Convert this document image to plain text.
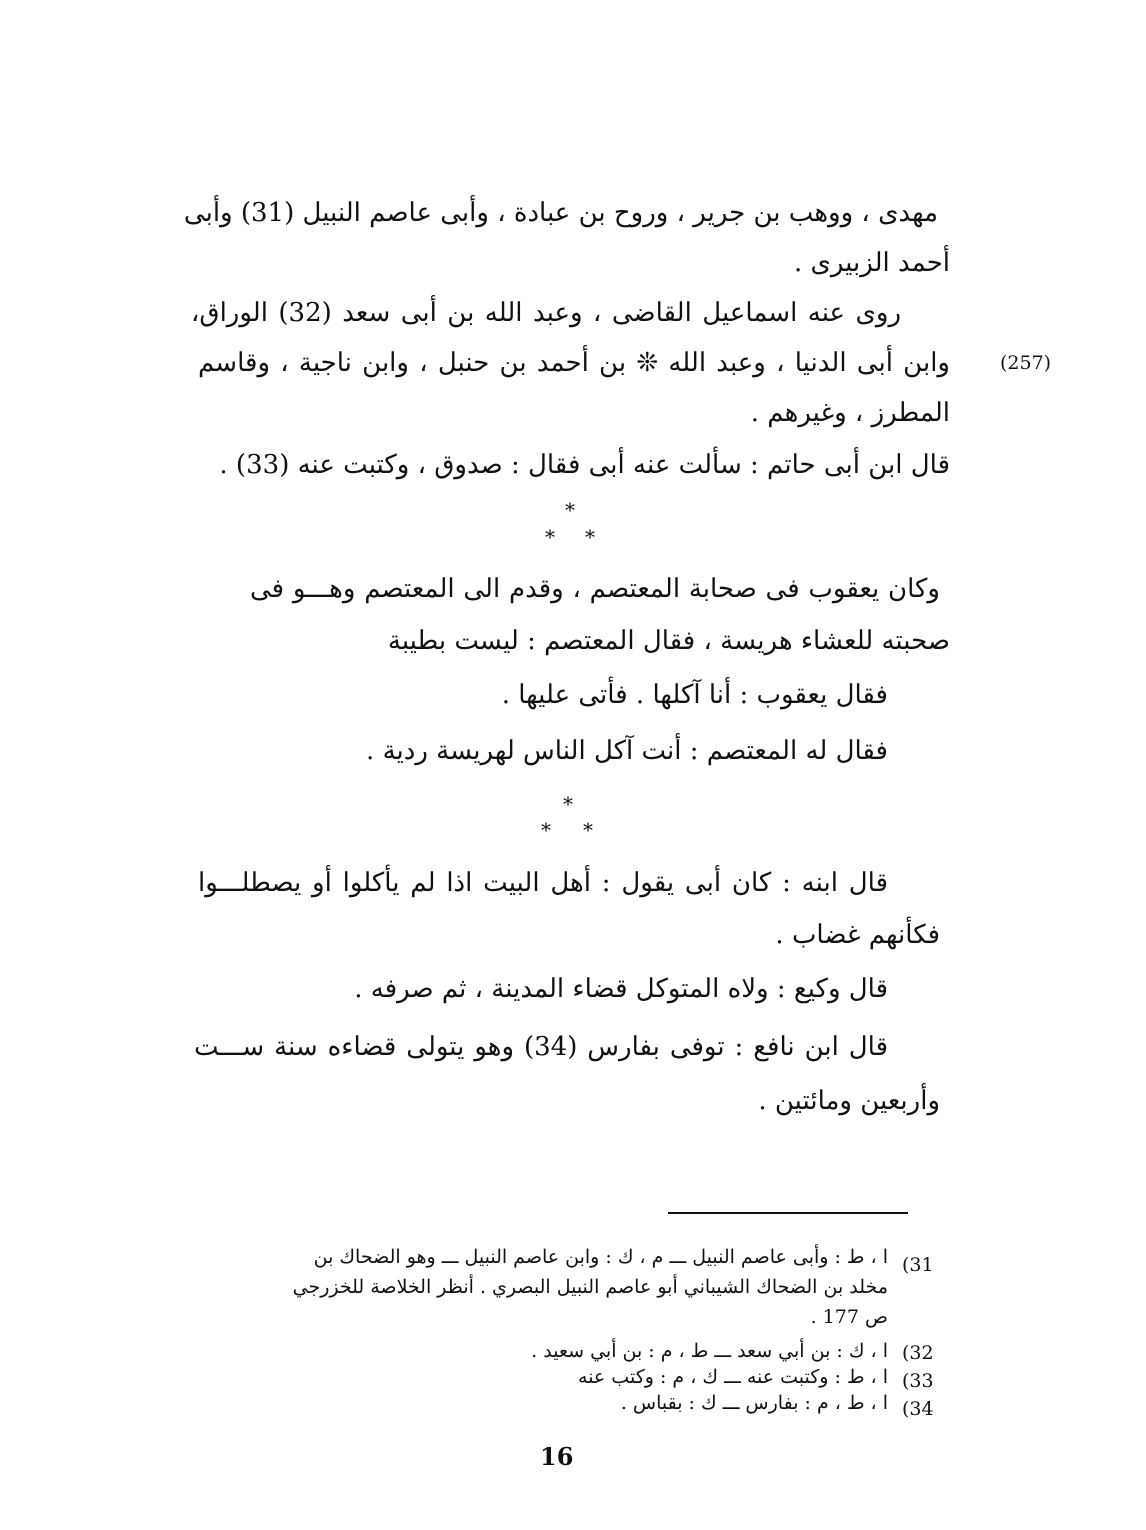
مهدى ، ووهب بن جرير ، وروح بن عبادة ، وأبى عاصم النبيل (31) وأبى
أحمد الزبيرى .
روى عنه اسماعيل القاضى ، وعبد الله بن أبى سعد (32) الوراق،
وابن أبى الدنيا ، وعبد الله ❊ بن أحمد بن حنبل ، وابن ناجية ، وقاسم	(257)
المطرز ، وغيرهم .
قال ابن أبى حاتم : سألت عنه أبى فقال : صدوق ، وكتبت عنه (33) .
*
* *
وكان يعقوب فى صحابة المعتصم ، وقدم الى المعتصم وهـــو فى
صحبته للعشاء هريسة ، فقال المعتصم : ليست بطيبة
فقال يعقوب : أنا آكلها . فأتى عليها .
فقال له المعتصم : أنت آكل الناس لهريسة ردية .
*
* *
قال ابنه : كان أبى يقول : أهل البيت اذا لم يأكلوا أو يصطلـــوا
فكأنهم غضاب .
قال وكيع : ولاه المتوكل قضاء المدينة ، ثم صرفه .
قال ابن نافع : توفى بفارس (34) وهو يتولى قضاءه سنة ســـت
وأربعين ومائتين .
(31
ا ، ط : وأبى عاصم النبيل ـــ م ، ك : وابن عاصم النبيل ـــ وهو الضحاك بن
مخلد بن الضحاك الشيباني أبو عاصم النبيل البصري . أنظر الخلاصة للخزرجي
ص 177 .
(32
ا ، ك : بن أبي سعد ـــ ط ، م : بن أبي سعيد .
(33
ا ، ط : وكتبت عنه ـــ ك ، م : وكتب عنه
(34
ا ، ط ، م : بفارس ـــ ك : بقباس .
16
